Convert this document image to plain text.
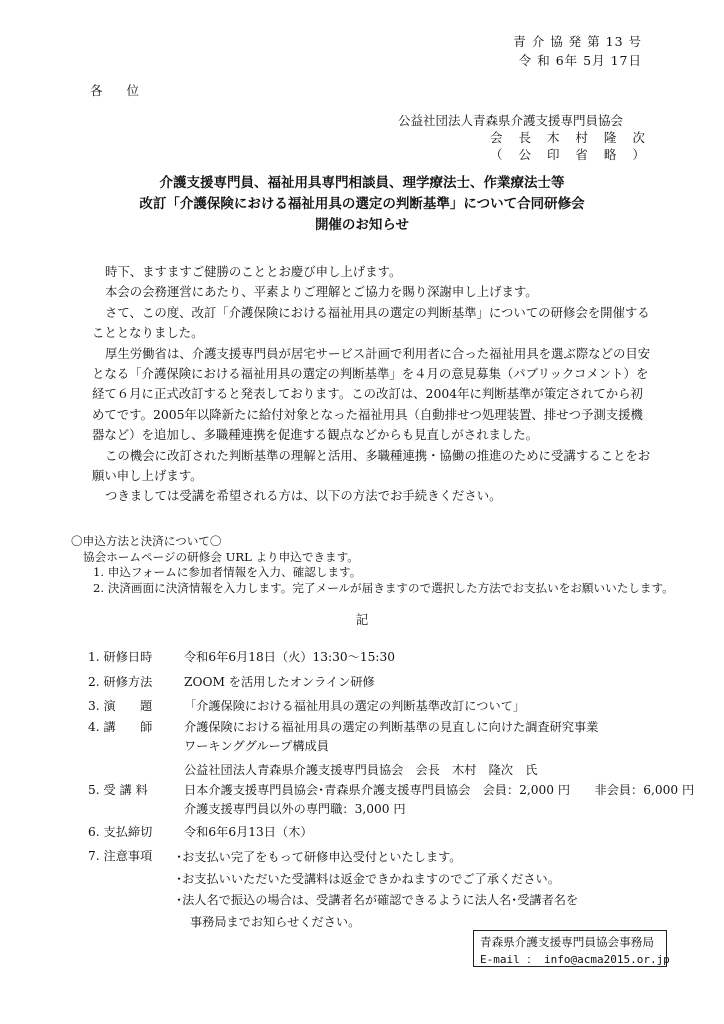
青 介 協 発 第 13 号
令 和 6年 5月 17日
各 位
公益社団法人青森県介護支援専門員協会
会 長 木 村 隆 次
（ 公 印 省 略 ）
介護支援専門員、福祉用具専門相談員、理学療法士、作業療法士等
改訂「介護保険における福祉用具の選定の判断基準」について合同研修会
開催のお知らせ

時下、ますますご健勝のこととお慶び申し上げます。

本会の会務運営にあたり、平素よりご理解とご協力を賜り深謝申し上げます。

さて、この度、改訂「介護保険における福祉用具の選定の判断基準」についての研修会を開催することとなりました。

厚生労働省は、介護支援専門員が居宅サービス計画で利用者に合った福祉用具を選ぶ際などの目安となる「介護保険における福祉用具の選定の判断基準」を４月の意見募集（パブリックコメント）を経て６月に正式改訂すると発表しております。この改訂は、2004年に判断基準が策定されてから初めてです。2005年以降新たに給付対象となった福祉用具（自動排せつ処理装置、排せつ予測支援機器など）を追加し、多職種連携を促進する観点などからも見直しがされました。

この機会に改訂された判断基準の理解と活用、多職種連携・協働の推進のために受講することをお願い申し上げます。

つきましては受講を希望される方は、以下の方法でお手続きください。

〇申込方法と決済について〇
協会ホームページの研修会 URL より申込できます。
1. 申込フォームに参加者情報を入力、確認します。
2. 決済画面に決済情報を入力します。完了メールが届きますので選択した方法でお支払いをお願いいたします。
記
1. 研修日時	令和6年6月18日（火）13:30～15:30
2. 研修方法	ZOOM を活用したオンライン研修
3. 演　　題	「介護保険における福祉用具の選定の判断基準改訂について」
4. 講　　師	介護保険における福祉用具の選定の判断基準の見直しに向けた調査研究事業
ワーキンググループ構成員
公益社団法人青森県介護支援専門員協会　会長　木村　隆次　氏
5. 受 講 料	日本介護支援専門員協会･青森県介護支援専門員協会　会員：2,000 円　　非会員：6,000 円
介護支援専門員以外の専門職：3,000 円
6. 支払締切	令和6年6月13日（木）
7. 注意事項	･お支払い完了をもって研修申込受付といたします。
･お支払いいただいた受講料は返金できかねますのでご了承ください。
･法人名で振込の場合は、受講者名が確認できるように法人名･受講者名を
事務局までお知らせください。
青森県介護支援専門員協会事務局
E-mail ： info@acma2015.or.jp
